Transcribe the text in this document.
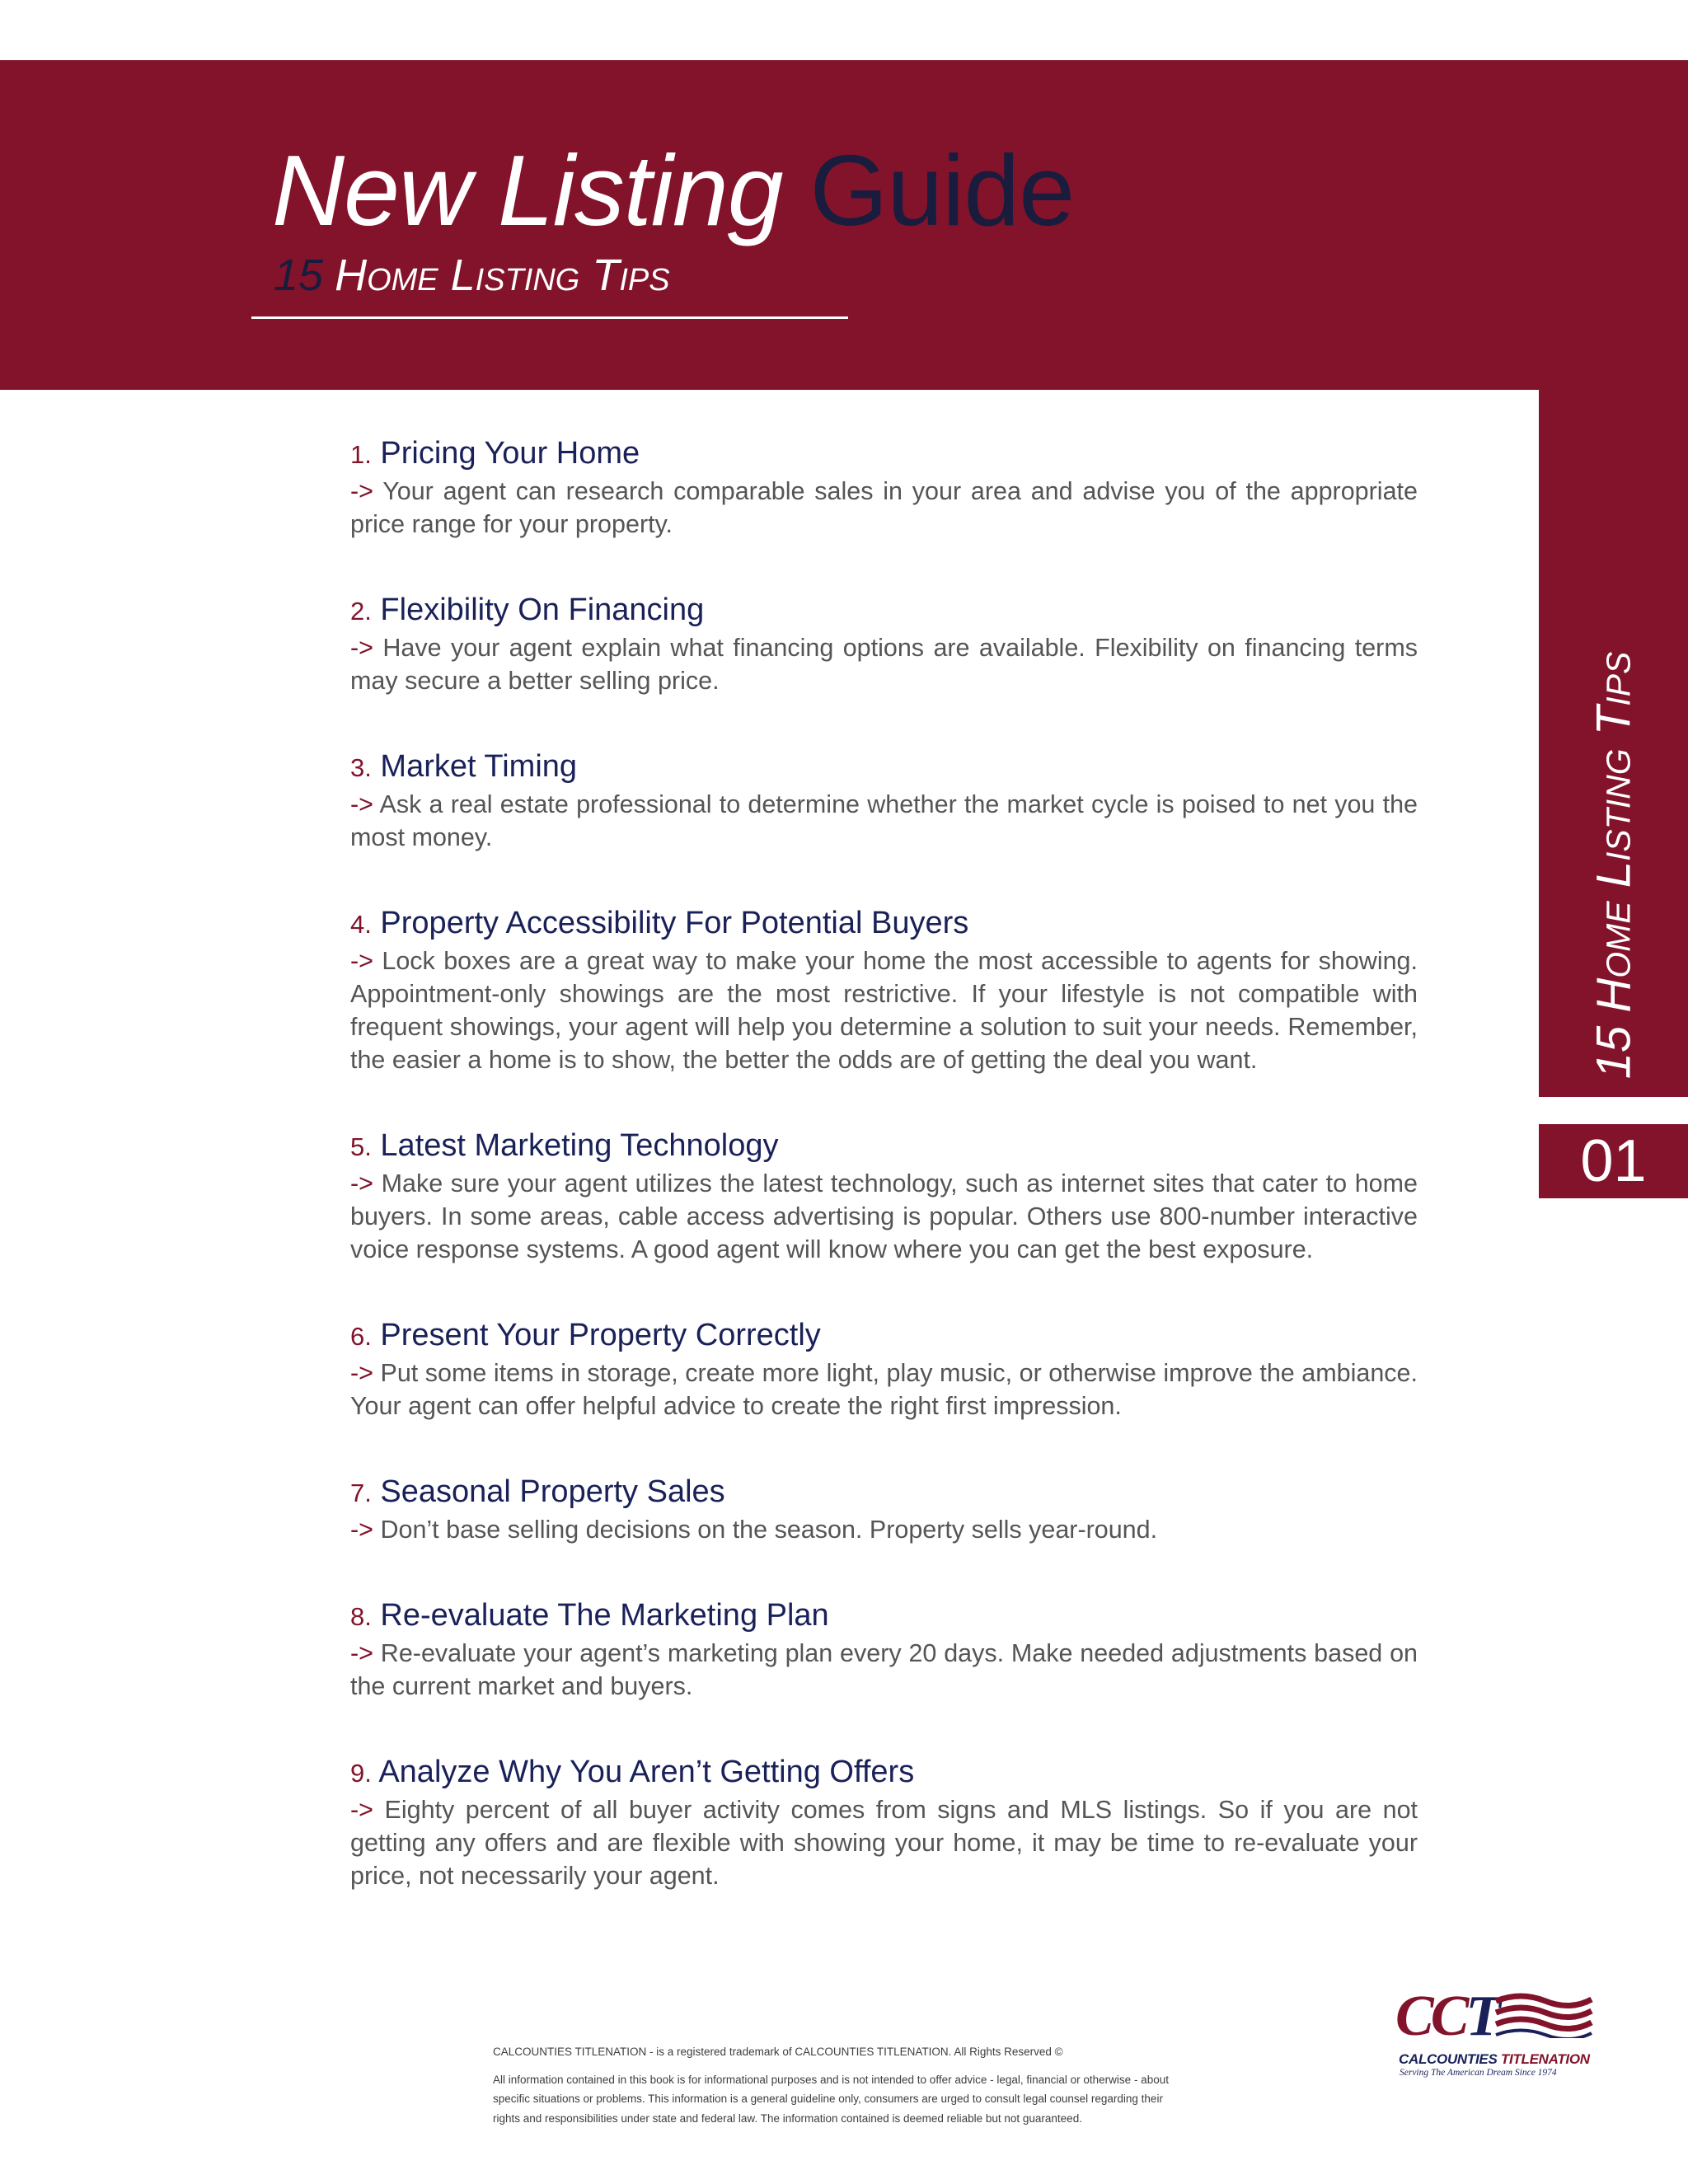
New Listing Guide
15 Home Listing Tips
15 Home Listing Tips
01
1. Pricing Your Home
-> Your agent can research comparable sales in your area and advise you of the appropriate price range for your property.
2. Flexibility On Financing
-> Have your agent explain what financing options are available. Flexibility on financing terms may secure a better selling price.
3. Market Timing
-> Ask a real estate professional to determine whether the market cycle is poised to net you the most money.
4. Property Accessibility For Potential Buyers
-> Lock boxes are a great way to make your home the most accessible to agents for showing. Appointment-only showings are the most restrictive. If your lifestyle is not compatible with frequent showings, your agent will help you determine a solution to suit your needs. Remember, the easier a home is to show, the better the odds are of getting the deal you want.
5. Latest Marketing Technology
-> Make sure your agent utilizes the latest technology, such as internet sites that cater to home buyers. In some areas, cable access advertising is popular. Others use 800-number interactive voice response systems. A good agent will know where you can get the best exposure.
6. Present Your Property Correctly
-> Put some items in storage, create more light, play music, or otherwise improve the ambiance. Your agent can offer helpful advice to create the right first impression.
7. Seasonal Property Sales
-> Don’t base selling decisions on the season. Property sells year-round.
8. Re-evaluate The Marketing Plan
-> Re-evaluate your agent’s marketing plan every 20 days. Make needed adjustments based on the current market and buyers.
9. Analyze Why You Aren’t Getting Offers
-> Eighty percent of all buyer activity comes from signs and MLS listings. So if you are not getting any offers and are flexible with showing your home, it may be time to re-evaluate your price, not necessarily your agent.
CALCOUNTIES TITLENATION - is a registered trademark of CALCOUNTIES TITLENATION. All Rights Reserved ©
All information contained in this book is for informational purposes and is not intended to offer advice - legal, financial or otherwise - about specific situations or problems. This information is a general guideline only, consumers are urged to consult legal counsel regarding their rights and responsibilities under state and federal law. The information contained is deemed reliable but not guaranteed.
CCT
CALCOUNTIES TITLENATION
Serving The American Dream Since 1974
